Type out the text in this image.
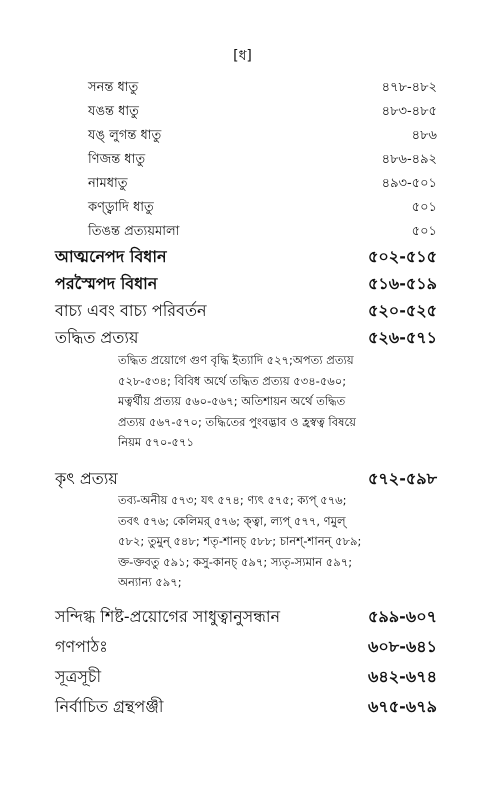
[ধ]
সনন্ত ধাতু	৪৭৮-৪৮২
যঙন্ত ধাতু	৪৮৩-৪৮৫
যঙ্ লুগন্ত ধাতু	৪৮৬
ণিজন্ত ধাতু	৪৮৬-৪৯২
নামধাতু	৪৯৩-৫০১
কণ্ড্বাদি ধাতু	৫০১
তিঙন্ত প্রত্যয়মালা	৫০১
আত্মনেপদ বিধান	৫০২-৫১৫
পরস্মৈপদ বিধান	৫১৬-৫১৯
বাচ্য এবং বাচ্য পরিবর্তন	৫২০-৫২৫
তদ্ধিত প্রত্যয়	৫২৬-৫৭১
তদ্ধিত প্রয়োগে গুণ বৃদ্ধি ইত্যাদি ৫২৭;অপত্য প্রত্যয়
৫২৮-৫৩৪; বিবিধ অর্থে তদ্ধিত প্রত্যয় ৫৩৪-৫৬০;
মত্বর্থীয় প্রত্যয় ৫৬০-৫৬৭; অতিশায়ন অর্থে তদ্ধিত
প্রত্যয় ৫৬৭-৫৭০; তদ্ধিতের পুংবদ্ভাব ও হ্রস্বত্ব বিষয়ে
নিয়ম ৫৭০-৫৭১
কৃৎ প্রত্যয়	৫৭২-৫৯৮
তব্য-অনীয় ৫৭৩; যৎ ৫৭৪; ণ্যৎ ৫৭৫; ক্যপ্ ৫৭৬;
তবৎ ৫৭৬; কেলিমর্ ৫৭৬; ক্ত্বা, ল্যপ্ ৫৭৭, ণমুল্
৫৮২; তুমুন্ ৫৪৮; শতৃ-শানচ্ ৫৮৮; চানশ্-শানন্ ৫৮৯;
ক্ত-ক্তবতু ৫৯১; কসু-কানচ্ ৫৯৭; স্যতৃ-স্যমান ৫৯৭;
অন্যান্য ৫৯৭;
সন্দিগ্ধ শিষ্ট-প্রয়োগের সাধুত্বানুসন্ধান	৫৯৯-৬০৭
গণপাঠঃ	৬০৮-৬৪১
সূত্রসূচী	৬৪২-৬৭৪
নির্বাচিত গ্রন্থপঞ্জী	৬৭৫-৬৭৯
